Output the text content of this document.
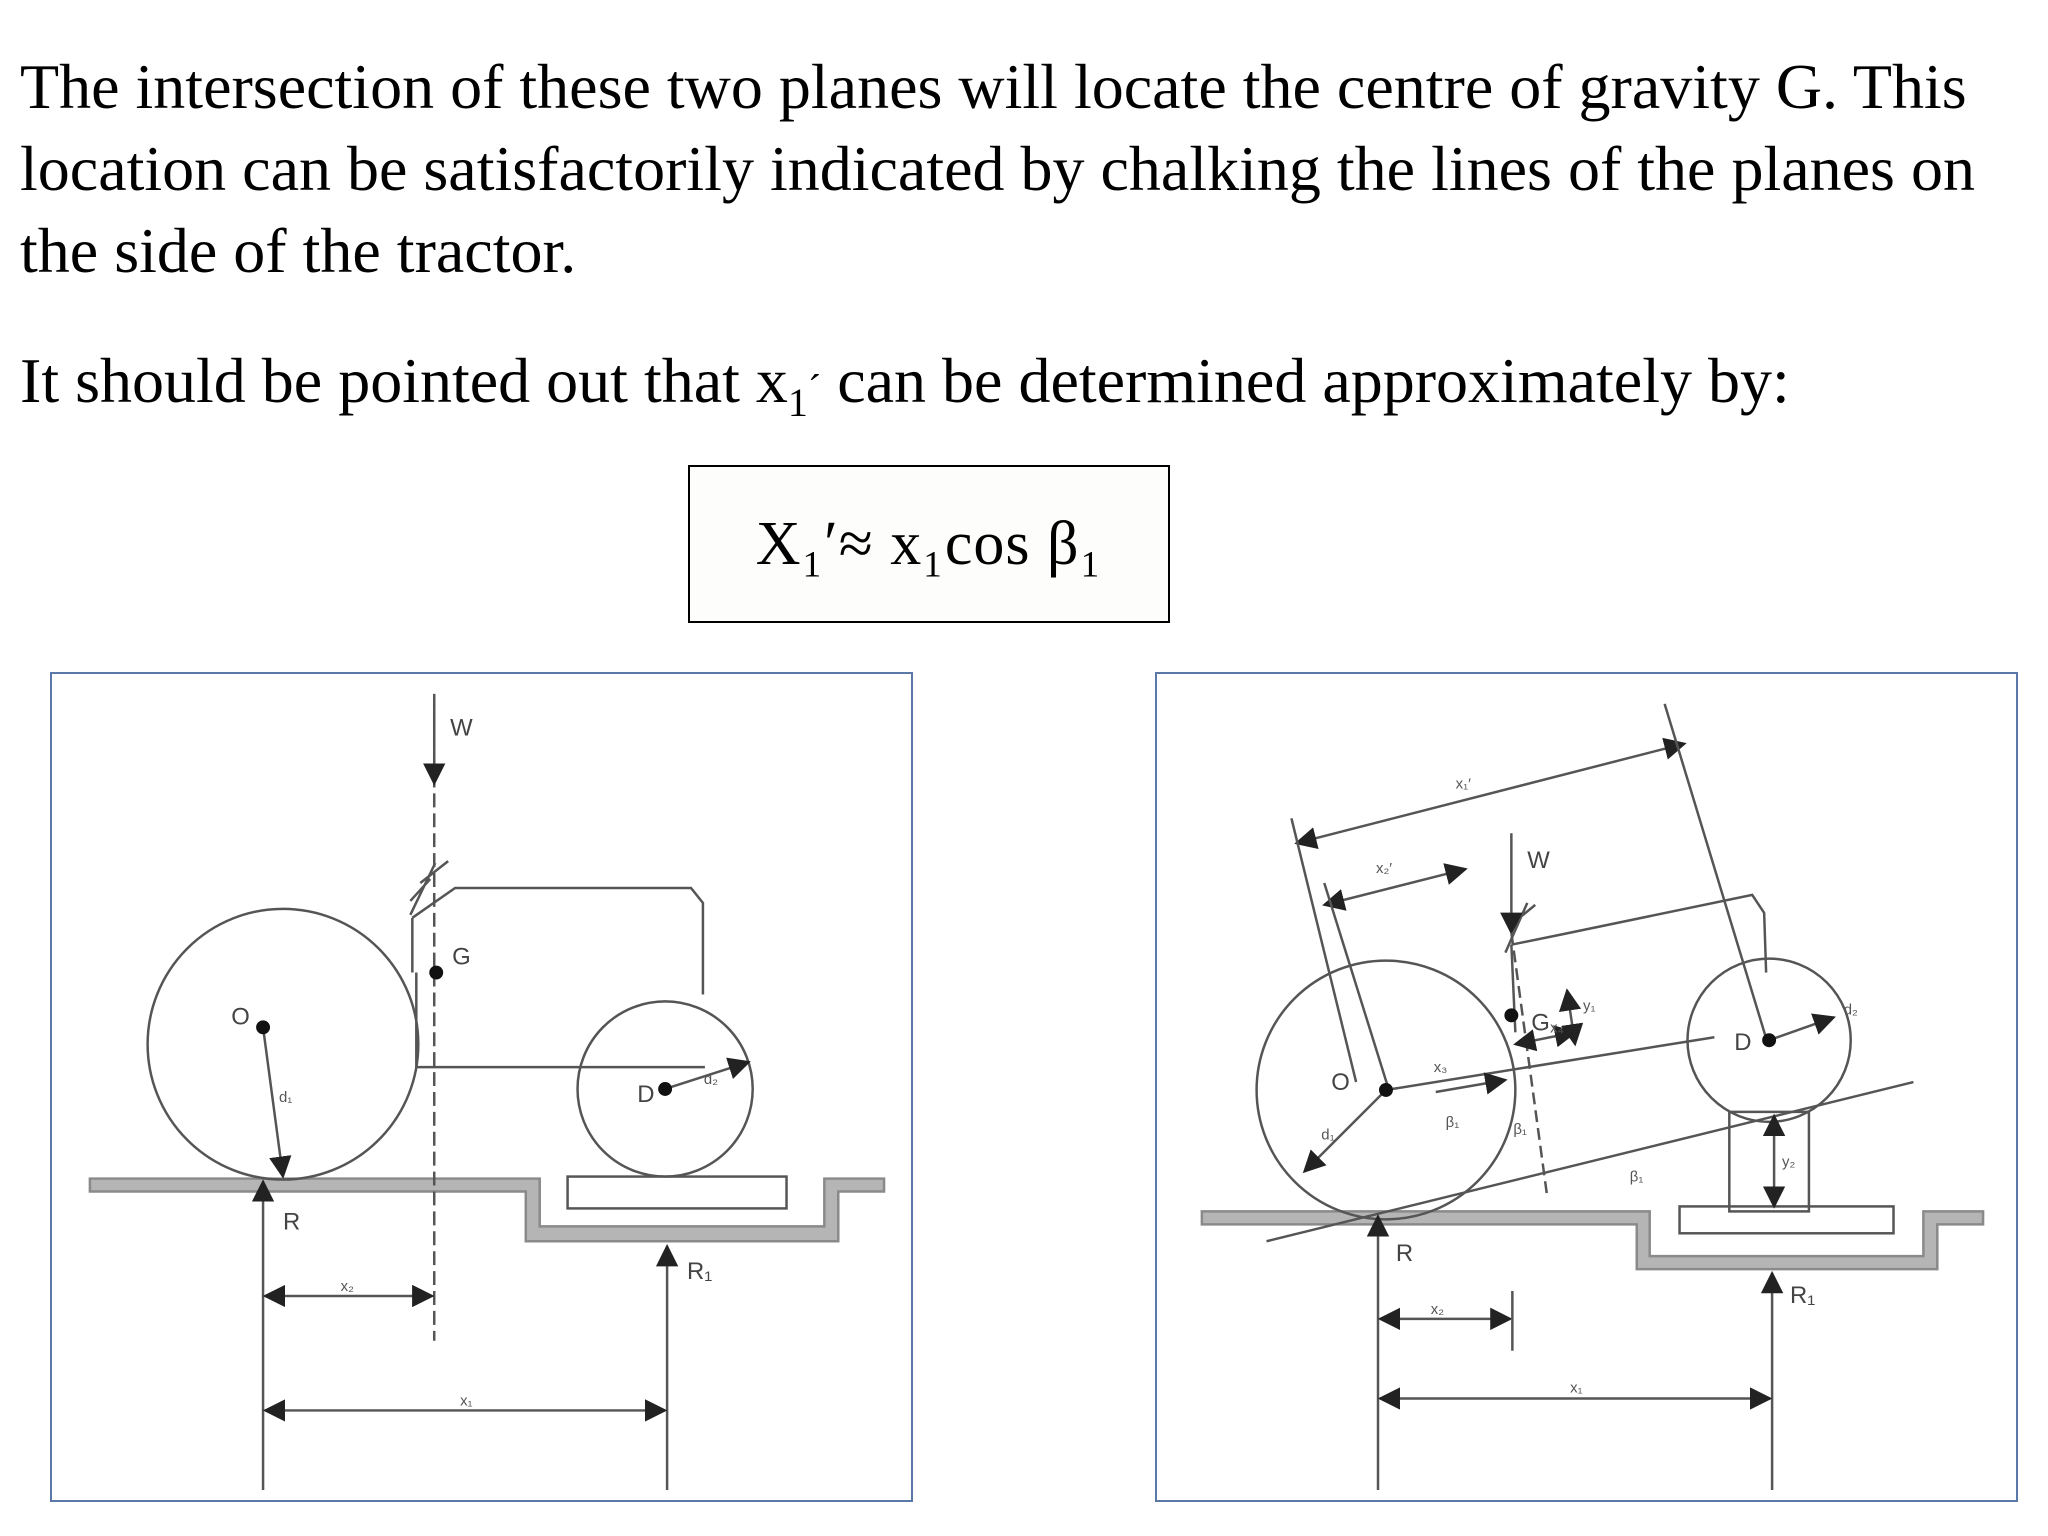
The intersection of these two planes will locate the centre of gravity G. This location can be satisfactorily indicated by chalking the lines of the planes on the side of the tractor.

It should be pointed out that $x_1´$ can be determined approximately by:

X₁′≈ x₁cos β₁
W
G
O
D
R
R₁
d₁
d₂
x₂
x₁
W
G
O
D
R
R₁
d₁
d₂
x₁′
x₂′
x₃
x₄
y₁
y₂
β₁	β₁
β₁
x₂
x₁
